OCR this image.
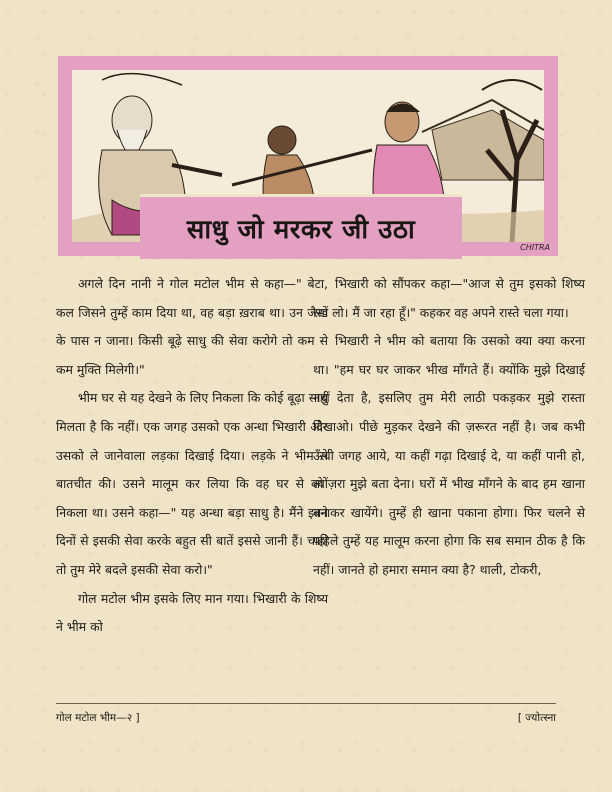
साधु जो मरकर जी उठा
CHITRA

अगले दिन नानी ने गोल मटोल भीम से कहा—" बेटा, कल जिसने तुम्हें काम दिया था, वह बड़ा ख़राब था। उन जैसों के पास न जाना। किसी बूढ़े साधु की सेवा करोगे तो कम से कम मुक्ति मिलेगी।"

भीम घर से यह देखने के लिए निकला कि कोई बूढ़ा साधु मिलता है कि नहीं। एक जगह उसको एक अन्धा भिखारी और उसको ले जानेवाला लड़का दिखाई दिया। लड़के ने भीम से बातचीत की। उसने मालूम कर लिया कि वह घर से क्यों निकला था। उसने कहा—" यह अन्धा बड़ा साधु है। मैंने इतने दिनों से इसकी सेवा करके बहुत सी बातें इससे जानी हैं। चाहो तो तुम मेरे बदले इसकी सेवा करो।"

गोल मटोल भीम इसके लिए मान गया। भिखारी के शिष्य ने भीम को

भिखारी को सौंपकर कहा—"आज से तुम इसको शिष्य रख लो। मैं जा रहा हूँ।" कहकर वह अपने रास्ते चला गया।

भिखारी ने भीम को बताया कि उसको क्या क्या करना था। "हम घर घर जाकर भीख माँगते हैं। क्योंकि मुझे दिखाई नहीं देता है, इसलिए तुम मेरी लाठी पकड़कर मुझे रास्ता दिखाओ। पीछे मुड़कर देखने की ज़रूरत नहीं है। जब कभी ऊँची जगह आये, या कहीं गढ़ा दिखाई दे, या कहीं पानी हो, तो ज़रा मुझे बता देना। घरों में भीख माँगने के बाद हम खाना बनाकर खायेंगे। तुम्हें ही खाना पकाना होगा। फिर चलने से पहिले तुम्हें यह मालूम करना होगा कि सब समान ठीक है कि नहीं। जानते हो हमारा समान क्या है? थाली, टोकरी,

गोल मटोल भीम—२ ]	[ ज्योत्स्ना
